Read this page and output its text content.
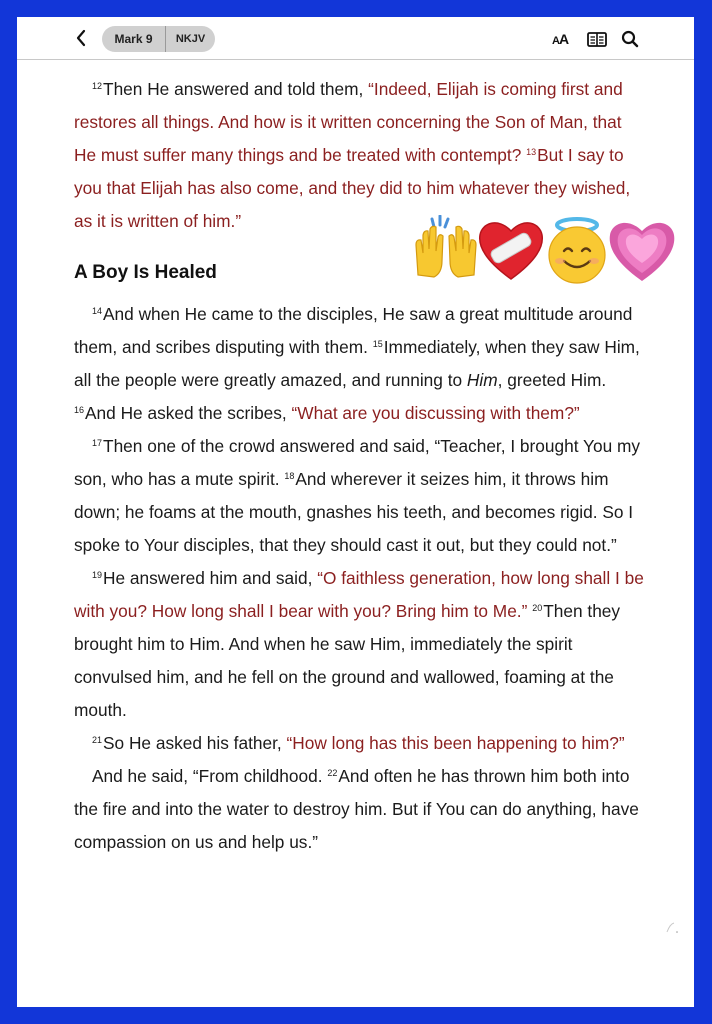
Mark 9	NKJV	AA

$^{12}$Then He answered and told them, “Indeed, Elijah is coming first and restores all things. And how is it written concerning the Son of Man, that He must suffer many things and be treated with contempt? $^{13}$But I say to you that Elijah has also come, and they did to him whatever they wished, as it is written of him.”

A Boy Is Healed

$^{14}$And when He came to the disciples, He saw a great multitude around them, and scribes disputing with them. $^{15}$Immediately, when they saw Him, all the people were greatly amazed, and running to Him, greeted Him. $^{16}$And He asked the scribes, “What are you discussing with them?”

$^{17}$Then one of the crowd answered and said, “Teacher, I brought You my son, who has a mute spirit. $^{18}$And wherever it seizes him, it throws him down; he foams at the mouth, gnashes his teeth, and becomes rigid. So I spoke to Your disciples, that they should cast it out, but they could not.”

$^{19}$He answered him and said, “O faithless generation, how long shall I be with you? How long shall I bear with you? Bring him to Me.” $^{20}$Then they brought him to Him. And when he saw Him, immediately the spirit convulsed him, and he fell on the ground and wallowed, foaming at the mouth.

$^{21}$So He asked his father, “How long has this been happening to him?”

And he said, “From childhood. $^{22}$And often he has thrown him both into the fire and into the water to destroy him. But if You can do anything, have compassion on us and help us.”
